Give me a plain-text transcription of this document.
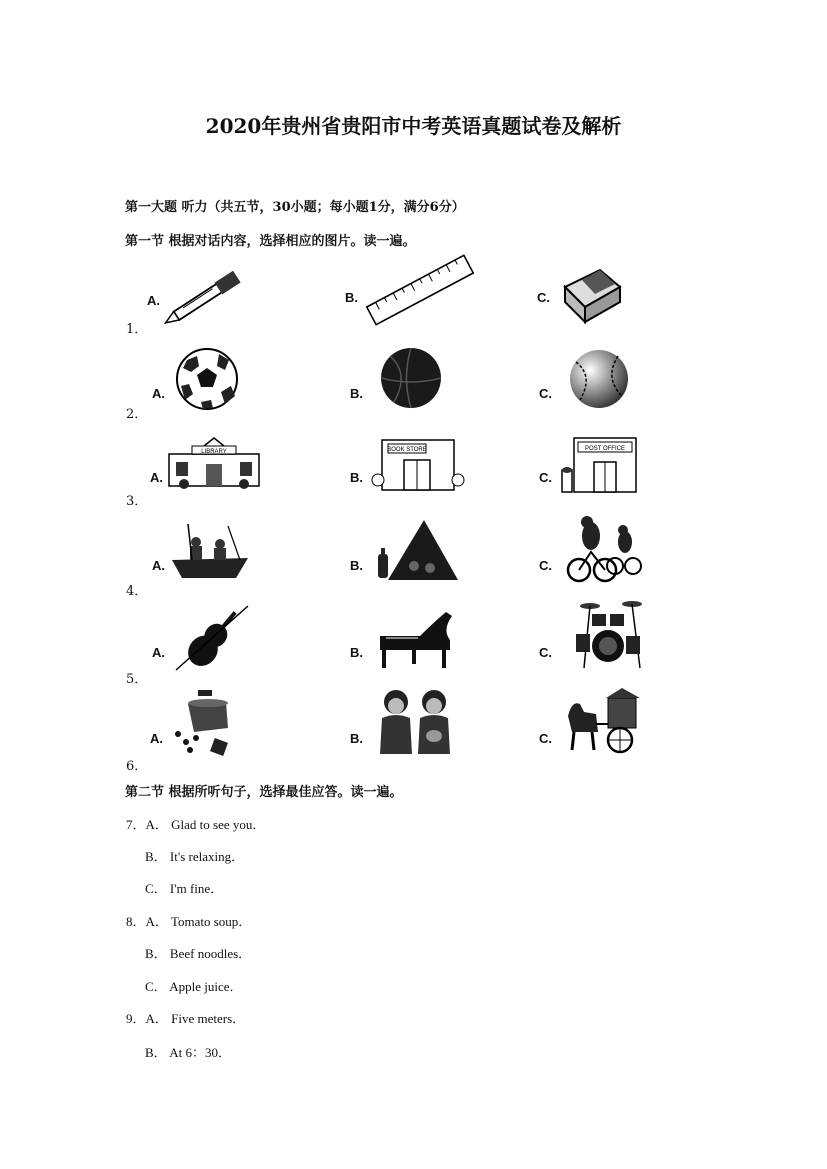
2020年贵州省贵阳市中考英语真题试卷及解析
第一大题 听力（共五节，30小题；每小题1分，满分6分）
第一节 根据对话内容，选择相应的图片。读一遍。
A.	B.	C.
1．
A.	B.	C.
2．
A.
LIBRARY
B.
BOOK STORE
C.
POST OFFICE
3．
A.	B.	C.
4．
A.	B.	C.
5．
A.	B.	C.
6．
第二节 根据所听句子，选择最佳应答。读一遍。
7．A． Glad to see you．
B． It's relaxing．
C． I'm fine．
8．A． Tomato soup．
B． Beef noodles．
C． Apple juice．
9．A． Five meters．
B． At 6：30．
